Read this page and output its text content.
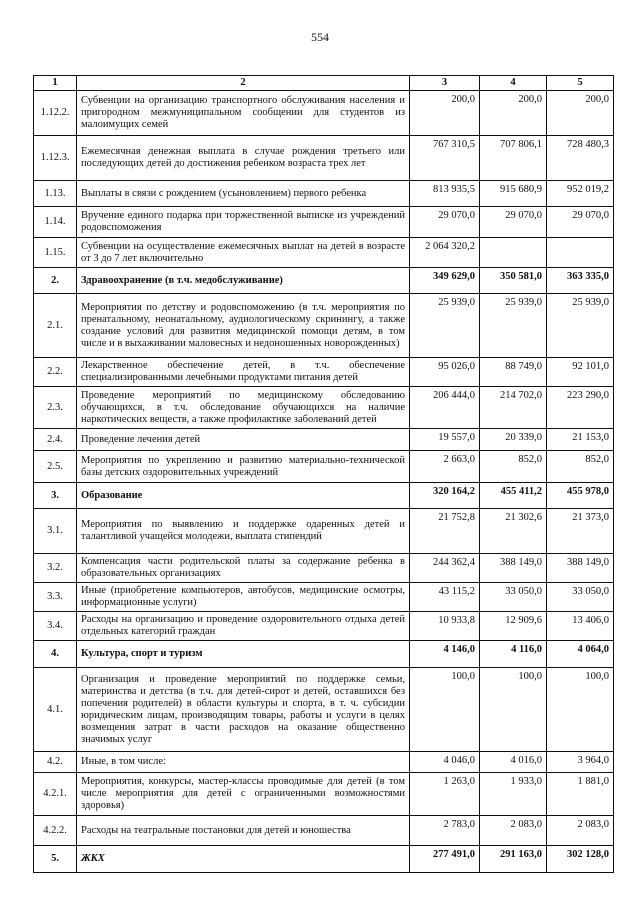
554
1	2	3	4	5
1.12.2.	Субвенции на организацию транспортного обслуживания населения и пригородном межмуниципальном сообщении для студентов из малоимущих семей	200,0	200,0	200,0
1.12.3.	Ежемесячная денежная выплата в случае рождения третьего или последующих детей до достижения ребенком возраста трех лет	767 310,5	707 806,1	728 480,3
1.13.	Выплаты в связи с рождением (усыновлением) первого ребенка	813 935,5	915 680,9	952 019,2
1.14.	Вручение единого подарка при торжественной выписке из учреждений родовспоможения	29 070,0	29 070,0	29 070,0
1.15.	Субвенции на осуществление ежемесячных выплат на детей в возрасте от 3 до 7 лет включительно	2 064 320,2		
2.	Здравоохранение (в т.ч. медобслуживание)	349 629,0	350 581,0	363 335,0
2.1.	Мероприятия по детству и родовспоможению (в т.ч. мероприятия по пренатальному, неонатальному, аудиологическому скринингу, а также создание условий для развития медицинской помощи детям, в том числе и в выхаживании маловесных и недоношенных новорожденных)	25 939,0	25 939,0	25 939,0
2.2.	Лекарственное обеспечение детей, в т.ч. обеспечение специализированными лечебными продуктами питания детей	95 026,0	88 749,0	92 101,0
2.3.	Проведение мероприятий по медицинскому обследованию обучающихся, в т.ч. обследование обучающихся на наличие наркотических веществ, а также профилактике заболеваний детей	206 444,0	214 702,0	223 290,0
2.4.	Проведение лечения детей	19 557,0	20 339,0	21 153,0
2.5.	Мероприятия по укреплению и развитию материально-технической базы детских оздоровительных учреждений	2 663,0	852,0	852,0
3.	Образование	320 164,2	455 411,2	455 978,0
3.1.	Мероприятия по выявлению и поддержке одаренных детей и талантливой учащейся молодежи, выплата стипендий	21 752,8	21 302,6	21 373,0
3.2.	Компенсация части родительской платы за содержание ребенка в образовательных организациях	244 362,4	388 149,0	388 149,0
3.3.	Иные (приобретение компьютеров, автобусов, медицинские осмотры, информационные услуги)	43 115,2	33 050,0	33 050,0
3.4.	Расходы на организацию и проведение оздоровительного отдыха детей отдельных категорий граждан	10 933,8	12 909,6	13 406,0
4.	Культура, спорт и туризм	4 146,0	4 116,0	4 064,0
4.1.	Организация и проведение мероприятий по поддержке семьи, материнства и детства (в т.ч. для детей-сирот и детей, оставшихся без попечения родителей) в области культуры и спорта, в т. ч. субсидии юридическим лицам, производящим товары, работы и услуги в целях возмещения затрат в части расходов на оказание общественно значимых услуг	100,0	100,0	100,0
4.2.	Иные, в том числе:	4 046,0	4 016,0	3 964,0
4.2.1.	Мероприятия, конкурсы, мастер-классы проводимые для детей (в том числе мероприятия для детей с ограниченными возможностями здоровья)	1 263,0	1 933,0	1 881,0
4.2.2.	Расходы на театральные постановки для детей и юношества	2 783,0	2 083,0	2 083,0
5.	ЖКХ	277 491,0	291 163,0	302 128,0
